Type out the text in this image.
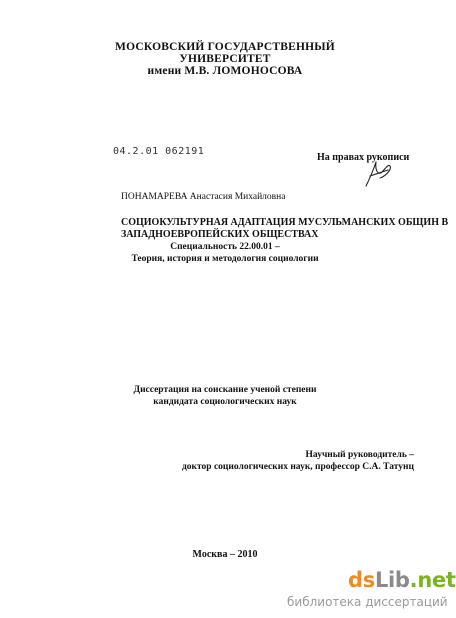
МОСКОВСКИЙ ГОСУДАРСТВЕННЫЙ
УНИВЕРСИТЕТ
имени М.В. ЛОМОНОСОВА
04.2.01 062191
На правах рукописи
ПОНАМАРЕВА Анастасия Михайловна
СОЦИОКУЛЬТУРНАЯ АДАПТАЦИЯ МУСУЛЬМАНСКИХ ОБЩИН В
ЗАПАДНОЕВРОПЕЙСКИХ ОБЩЕСТВАХ
Специальность 22.00.01 –
Теория, история и методология социологии
Диссертация на соискание ученой степени
кандидата социологических наук
Научный руководитель –
доктор социологических наук, профессор С.А. Татунц
Москва – 2010
dsLib.net
библиотека диссертаций
